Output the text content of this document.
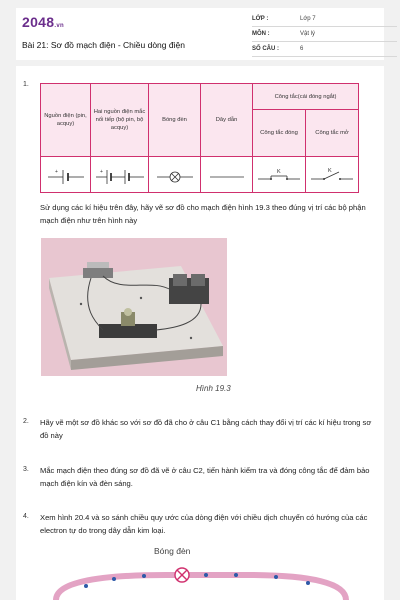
2048.vn
Bài 21: Sơ đồ mạch điện - Chiều dòng điện
LỚP :	Lớp 7
MÔN :	Vật lý
SỐ CÂU :	6
1.
Nguồn điện (pin, acquy)	Hai nguồn điện mắc nối tiếp (bộ pin, bộ acquy)	Bóng đèn	Dây dẫn	Công tắc(cái đóng ngắt)	
				Công tắc đóng	Công tắc mở

+	+			K	K
Sử dụng các kí hiệu trên đây, hãy vẽ sơ đồ cho mạch điện hình 19.3 theo đúng vị trí các bộ phận mạch điện như trên hình này
Hình 19.3
2. Hãy vẽ một sơ đồ khác so với sơ đồ đã cho ở câu C1 bằng cách thay đổi vị trí các kí hiệu trong sơ đồ này
3. Mắc mạch điện theo đúng sơ đồ đã vẽ ở câu C2, tiến hành kiểm tra và đóng công tắc để đảm bảo mạch điện kín và đèn sáng.
4. Xem hình 20.4 và so sánh chiều quy ước của dòng điện với chiều dịch chuyển có hướng của các electron tự do trong dây dẫn kim loại.
Bóng đèn
